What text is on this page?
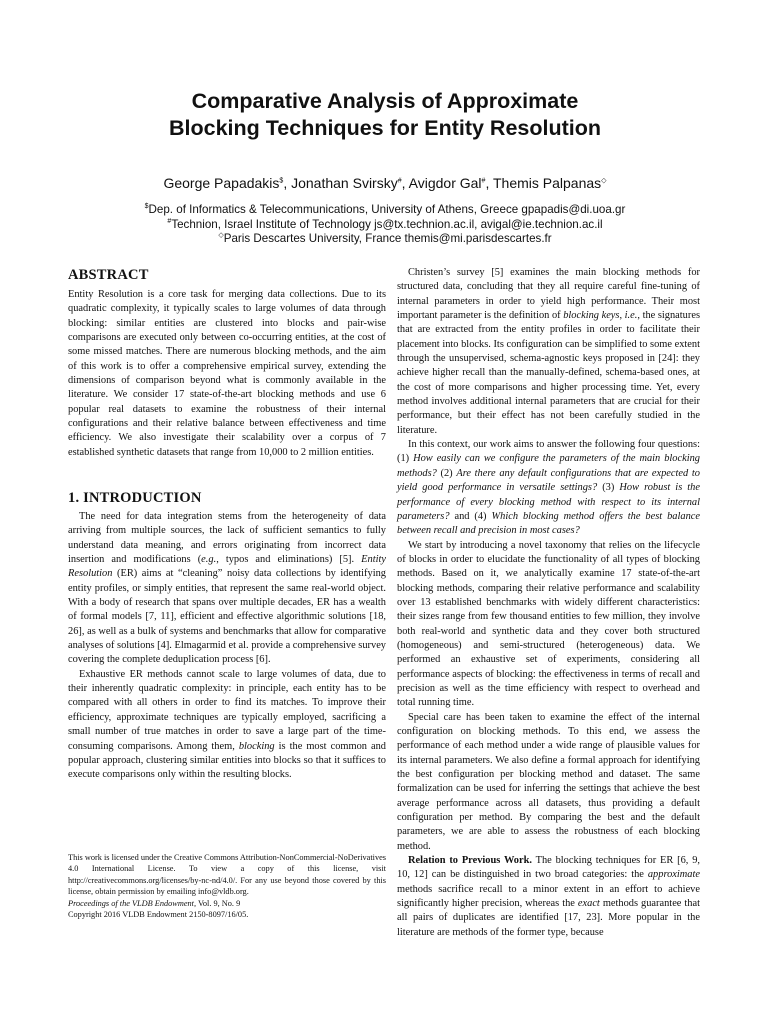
Comparative Analysis of Approximate
Blocking Techniques for Entity Resolution
George Papadakis$, Jonathan Svirsky#, Avigdor Gal#, Themis Palpanas◇
$Dep. of Informatics & Telecommunications, University of Athens, Greece gpapadis@di.uoa.gr
#Technion, Israel Institute of Technology js@tx.technion.ac.il, avigal@ie.technion.ac.il
◇Paris Descartes University, France themis@mi.parisdescartes.fr
ABSTRACT

Entity Resolution is a core task for merging data collections. Due to its quadratic complexity, it typically scales to large volumes of data through blocking: similar entities are clustered into blocks and pair-wise comparisons are executed only between co-occurring entities, at the cost of some missed matches. There are numerous blocking methods, and the aim of this work is to offer a comprehensive empirical survey, extending the dimensions of comparison beyond what is commonly available in the literature. We consider 17 state-of-the-art blocking methods and use 6 popular real datasets to examine the robustness of their internal configurations and their relative balance between effectiveness and time efficiency. We also investigate their scalability over a corpus of 7 established synthetic datasets that range from 10,000 to 2 million entities.

1. INTRODUCTION

The need for data integration stems from the heterogeneity of data arriving from multiple sources, the lack of sufficient semantics to fully understand data meaning, and errors originating from incorrect data insertion and modifications (e.g., typos and eliminations) [5]. Entity Resolution (ER) aims at “cleaning” noisy data collections by identifying entity profiles, or simply entities, that represent the same real-world object. With a body of research that spans over multiple decades, ER has a wealth of formal models [7, 11], efficient and effective algorithmic solutions [18, 26], as well as a bulk of systems and benchmarks that allow for comparative analyses of solutions [4]. Elmagarmid et al. provide a comprehensive survey covering the complete deduplication process [6].

Exhaustive ER methods cannot scale to large volumes of data, due to their inherently quadratic complexity: in principle, each entity has to be compared with all others in order to find its matches. To improve their efficiency, approximate techniques are typically employed, sacrificing a small number of true matches in order to save a large part of the time-consuming comparisons. Among them, blocking is the most common and popular approach, clustering similar entities into blocks so that it suffices to execute comparisons only within the resulting blocks.

This work is licensed under the Creative Commons Attribution-NonCommercial-NoDerivatives 4.0 International License. To view a copy of this license, visit http://creativecommons.org/licenses/by-nc-nd/4.0/. For any use beyond those covered by this license, obtain permission by emailing info@vldb.org.

Proceedings of the VLDB Endowment, Vol. 9, No. 9

Copyright 2016 VLDB Endowment 2150-8097/16/05.

Christen’s survey [5] examines the main blocking methods for structured data, concluding that they all require careful fine-tuning of internal parameters in order to yield high performance. Their most important parameter is the definition of blocking keys, i.e., the signatures that are extracted from the entity profiles in order to facilitate their placement into blocks. Its configuration can be simplified to some extent through the unsupervised, schema-agnostic keys proposed in [24]: they achieve higher recall than the manually-defined, schema-based ones, at the cost of more comparisons and higher processing time. Yet, every method involves additional internal parameters that are crucial for their performance, but their effect has not been carefully studied in the literature.

In this context, our work aims to answer the following four questions: (1) How easily can we configure the parameters of the main blocking methods? (2) Are there any default configurations that are expected to yield good performance in versatile settings? (3) How robust is the performance of every blocking method with respect to its internal parameters? and (4) Which blocking method offers the best balance between recall and precision in most cases?

We start by introducing a novel taxonomy that relies on the lifecycle of blocks in order to elucidate the functionality of all types of blocking methods. Based on it, we analytically examine 17 state-of-the-art blocking methods, comparing their relative performance and scalability over 13 established benchmarks with widely different characteristics: their sizes range from few thousand entities to few million, they involve both real-world and synthetic data and they cover both structured (homogeneous) and semi-structured (heterogeneous) data. We performed an exhaustive set of experiments, considering all performance aspects of blocking: the effectiveness in terms of recall and precision as well as the time efficiency with respect to overhead and total running time.

Special care has been taken to examine the effect of the internal configuration on blocking methods. To this end, we assess the performance of each method under a wide range of plausible values for its internal parameters. We also define a formal approach for identifying the best configuration per blocking method and dataset. The same formalization can be used for inferring the settings that achieve the best average performance across all datasets, thus providing a default configuration per method. By comparing the best and the default parameters, we are able to assess the robustness of each blocking method.

Relation to Previous Work. The blocking techniques for ER [6, 9, 10, 12] can be distinguished in two broad categories: the approximate methods sacrifice recall to a minor extent in an effort to achieve significantly higher precision, whereas the exact methods guarantee that all pairs of duplicates are identified [17, 23]. More popular in the literature are methods of the former type, because
